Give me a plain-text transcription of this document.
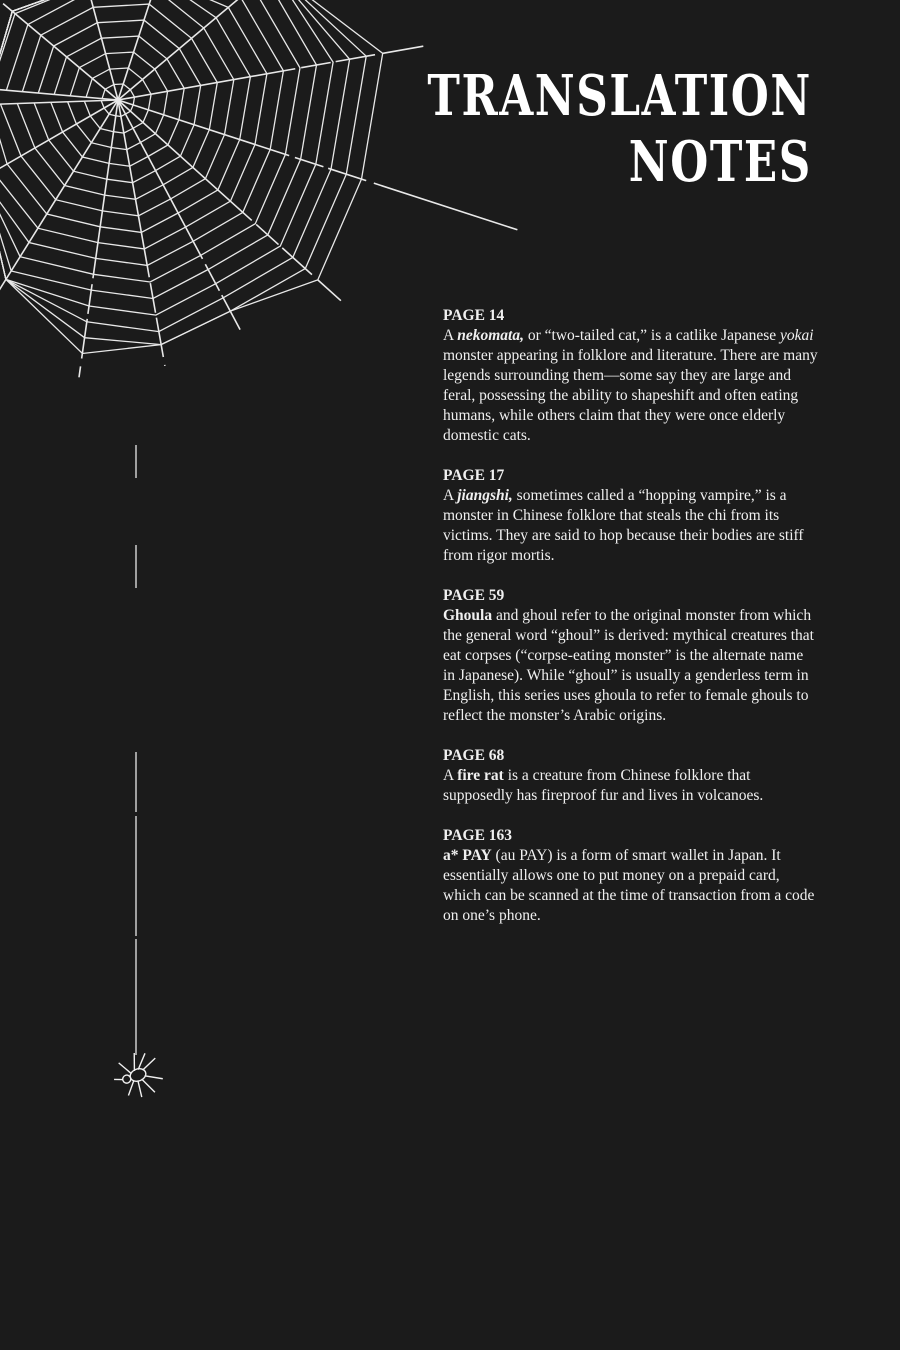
TRANSLATION
NOTES
PAGE 14
A nekomata, or “two-tailed cat,” is a catlike Japanese yokai monster appearing in folklore and literature. There are many legends surrounding them—some say they are large and feral, possessing the ability to shapeshift and often eating humans, while others claim that they were once elderly domestic cats.
PAGE 17
A jiangshi, sometimes called a “hopping vampire,” is a monster in Chinese folklore that steals the chi from its victims. They are said to hop because their bodies are stiff from rigor mortis.
PAGE 59
Ghoula and ghoul refer to the original monster from which the general word “ghoul” is derived: mythical creatures that eat corpses (“corpse-eating monster” is the alternate name in Japanese). While “ghoul” is usually a genderless term in English, this series uses ghoula to refer to female ghouls to reflect the monster’s Arabic origins.
PAGE 68
A fire rat is a creature from Chinese folklore that supposedly has fireproof fur and lives in volcanoes.
PAGE 163
a* PAY (au PAY) is a form of smart wallet in Japan. It essentially allows one to put money on a prepaid card, which can be scanned at the time of transaction from a code on one’s phone.
